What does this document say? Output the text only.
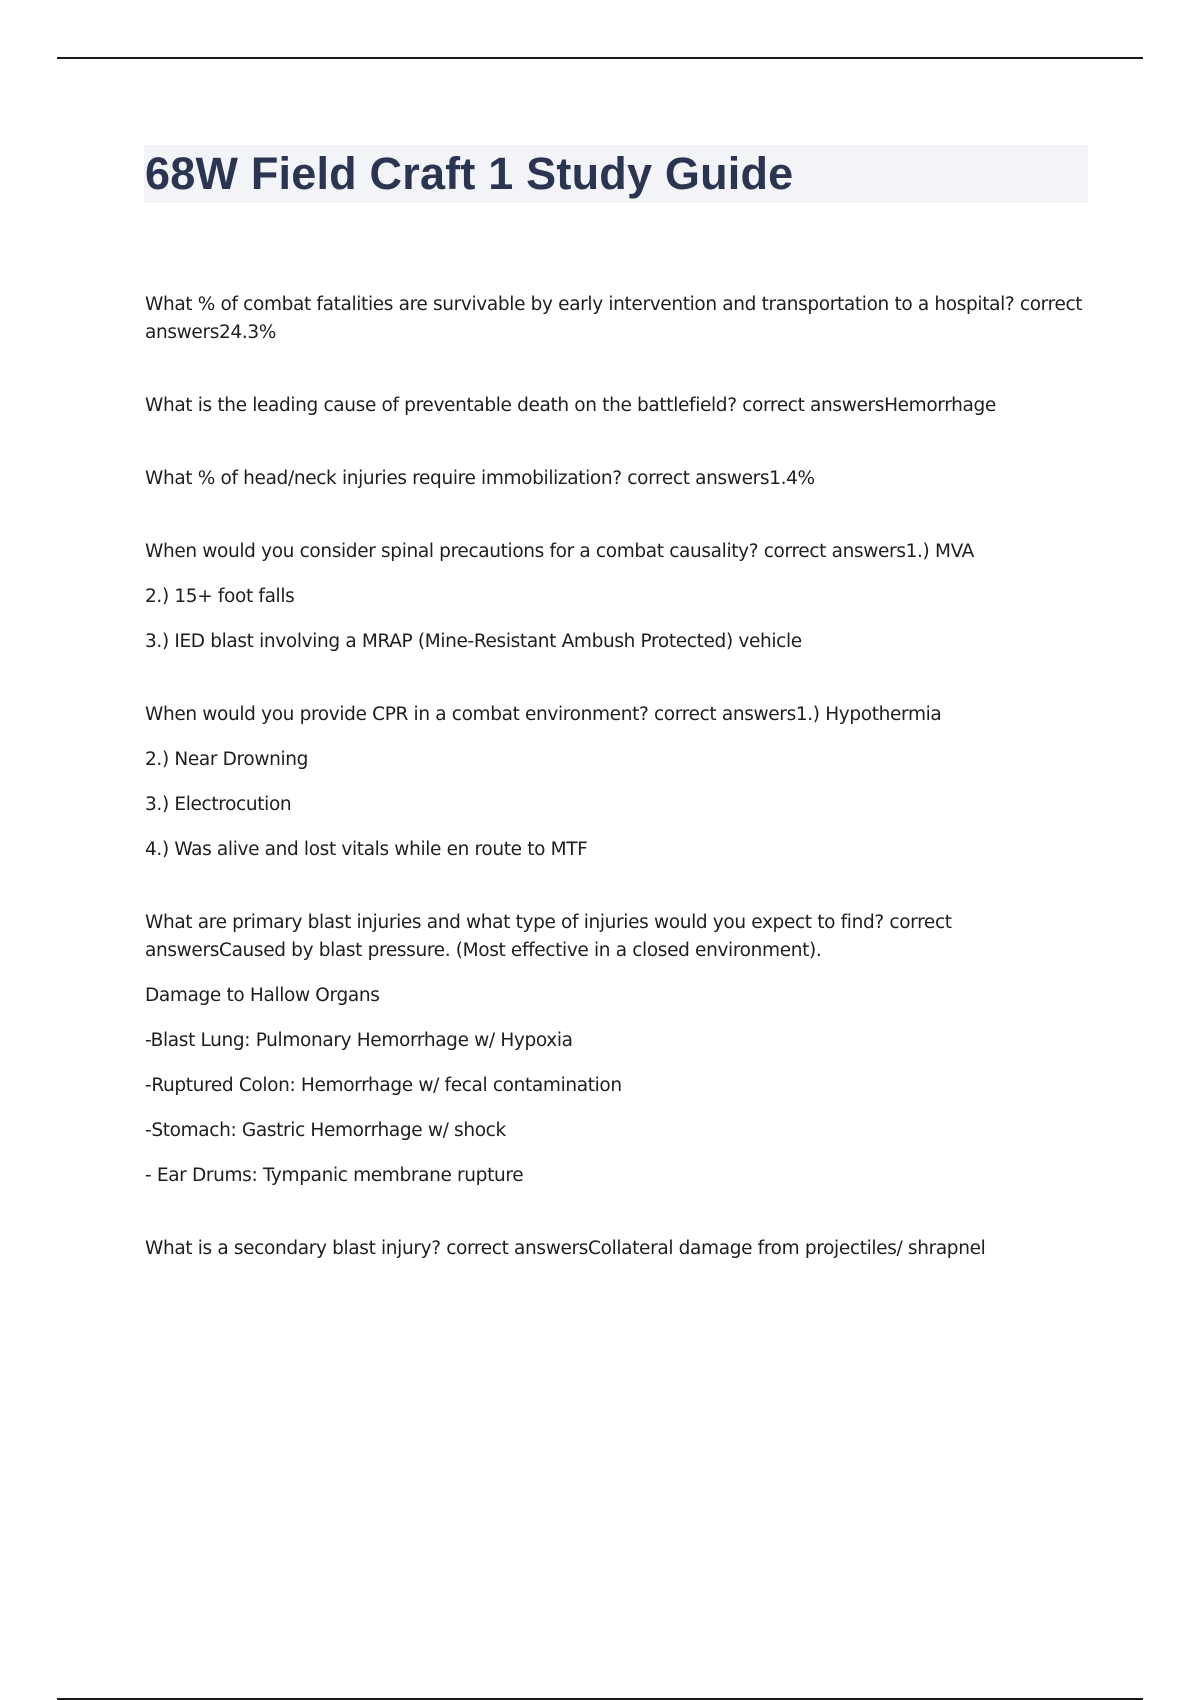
68W Field Craft 1 Study Guide

What % of combat fatalities are survivable by early intervention and transportation to a hospital? correct answers24.3%

What is the leading cause of preventable death on the battlefield? correct answersHemorrhage

What % of head/neck injuries require immobilization? correct answers1.4%

When would you consider spinal precautions for a combat causality? correct answers1.) MVA

2.) 15+ foot falls

3.) IED blast involving a MRAP (Mine-Resistant Ambush Protected) vehicle

When would you provide CPR in a combat environment? correct answers1.) Hypothermia

2.) Near Drowning

3.) Electrocution

4.) Was alive and lost vitals while en route to MTF

What are primary blast injuries and what type of injuries would you expect to find? correct answersCaused by blast pressure. (Most effective in a closed environment).

Damage to Hallow Organs

-Blast Lung: Pulmonary Hemorrhage w/ Hypoxia

-Ruptured Colon: Hemorrhage w/ fecal contamination

-Stomach: Gastric Hemorrhage w/ shock

- Ear Drums: Tympanic membrane rupture

What is a secondary blast injury? correct answersCollateral damage from projectiles/ shrapnel
